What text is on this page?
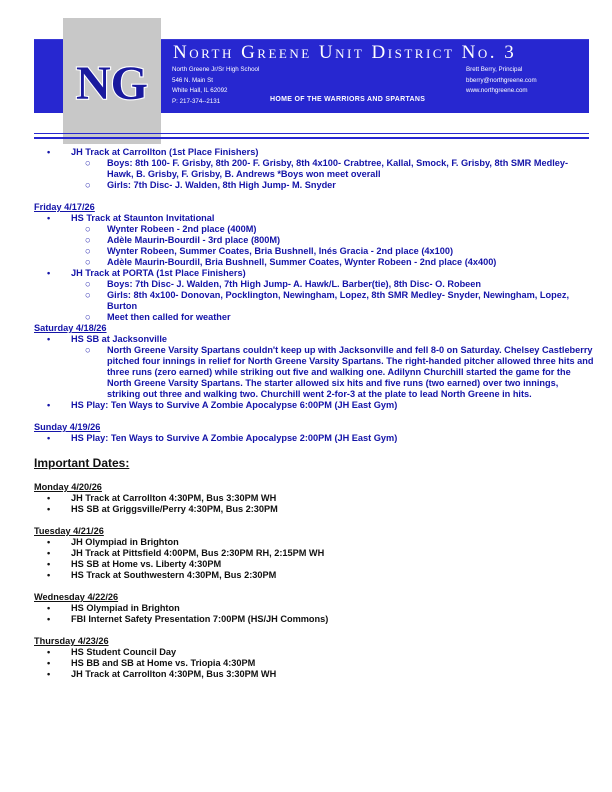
NG
North Greene Unit District No. 3
North Greene Jr/Sr High School
546 N. Main St
White Hall, IL 62092
P: 217-374--2131
Brett Berry, Principal
bberry@northgreene.com
www.northgreene.com
HOME OF THE WARRIORS AND SPARTANS
• JH Track at Carrollton (1st Place Finishers)
○ Boys: 8th 100- F. Grisby, 8th 200- F. Grisby, 8th 4x100- Crabtree, Kallal, Smock, F. Grisby, 8th SMR Medley- Hawk, B. Grisby, F. Grisby, B. Andrews *Boys won meet overall
○ Girls: 7th Disc- J. Walden, 8th High Jump- M. Snyder
Friday 4/17/26
• HS Track at Staunton Invitational
○ Wynter Robeen - 2nd place (400M)
○ Adèle Maurin-Bourdil - 3rd place (800M)
○ Wynter Robeen, Summer Coates, Bria Bushnell, Inés Gracia - 2nd place (4x100)
○ Adèle Maurin-Bourdil, Bria Bushnell, Summer Coates, Wynter Robeen - 2nd place (4x400)
• JH Track at PORTA (1st Place Finishers)
○ Boys: 7th Disc- J. Walden, 7th High Jump- A. Hawk/L. Barber(tie), 8th Disc- O. Robeen
○ Girls: 8th 4x100- Donovan, Pocklington, Newingham, Lopez, 8th SMR Medley- Snyder, Newingham, Lopez, Burton
○ Meet then called for weather
Saturday 4/18/26
• HS SB at Jacksonville
○ North Greene Varsity Spartans couldn't keep up with Jacksonville and fell 8-0 on Saturday. Chelsey Castleberry pitched four innings in relief for North Greene Varsity Spartans. The right-handed pitcher allowed three hits and three runs (zero earned) while striking out five and walking one. Adilynn Churchill started the game for the North Greene Varsity Spartans. The starter allowed six hits and five runs (two earned) over two innings, striking out three and walking two. Churchill went 2-for-3 at the plate to lead North Greene in hits.
• HS Play: Ten Ways to Survive A Zombie Apocalypse 6:00PM (JH East Gym)
Sunday 4/19/26
• HS Play: Ten Ways to Survive A Zombie Apocalypse 2:00PM (JH East Gym)
Important Dates:
Monday 4/20/26
• JH Track at Carrollton 4:30PM, Bus 3:30PM WH
• HS SB at Griggsville/Perry 4:30PM, Bus 2:30PM
Tuesday 4/21/26
• JH Olympiad in Brighton
• JH Track at Pittsfield 4:00PM, Bus 2:30PM RH, 2:15PM WH
• HS SB at Home vs. Liberty 4:30PM
• HS Track at Southwestern 4:30PM, Bus 2:30PM
Wednesday 4/22/26
• HS Olympiad in Brighton
• FBI Internet Safety Presentation 7:00PM (HS/JH Commons)
Thursday 4/23/26
• HS Student Council Day
• HS BB and SB at Home vs. Triopia 4:30PM
• JH Track at Carrollton 4:30PM, Bus 3:30PM WH
